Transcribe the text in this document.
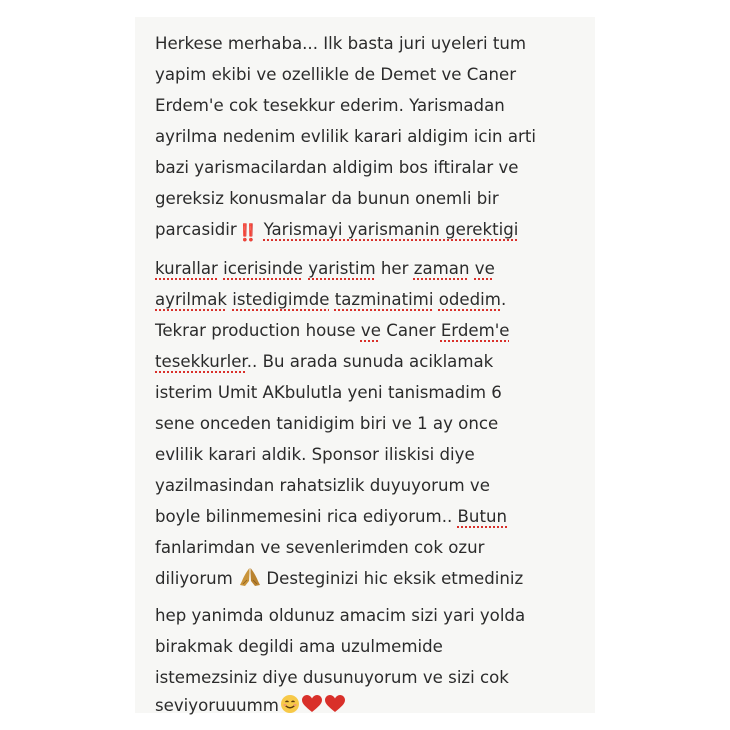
Herkese merhaba... Ilk basta juri uyeleri tum
yapim ekibi ve ozellikle de Demet ve Caner
Erdem'e cok tesekkur ederim. Yarismadan
ayrilma nedenim evlilik karari aldigim icin arti
bazi yarismacilardan aldigim bos iftiralar ve
gereksiz konusmalar da bunun onemli bir
parcasidir‼️ Yarismayi yarismanin gerektigi
kurallar icerisinde yaristim her zaman ve
ayrilmak istedigimde tazminatimi odedim.
Tekrar production house ve Caner Erdem'e
tesekkurler.. Bu arada sunuda aciklamak
isterim Umit AKbulutla yeni tanismadim 6
sene onceden tanidigim biri ve 1 ay once
evlilik karari aldik. Sponsor iliskisi diye
yazilmasindan rahatsizlik duyuyorum ve
boyle bilinmemesini rica ediyorum.. Butun
fanlarimdan ve sevenlerimden cok ozur
diliyorum Desteginizi hic eksik etmediniz
hep yanimda oldunuz amacim sizi yari yolda
birakmak degildi ama uzulmemide
istemezsiniz diye dusunuyorum ve sizi cok
seviyoruuumm
